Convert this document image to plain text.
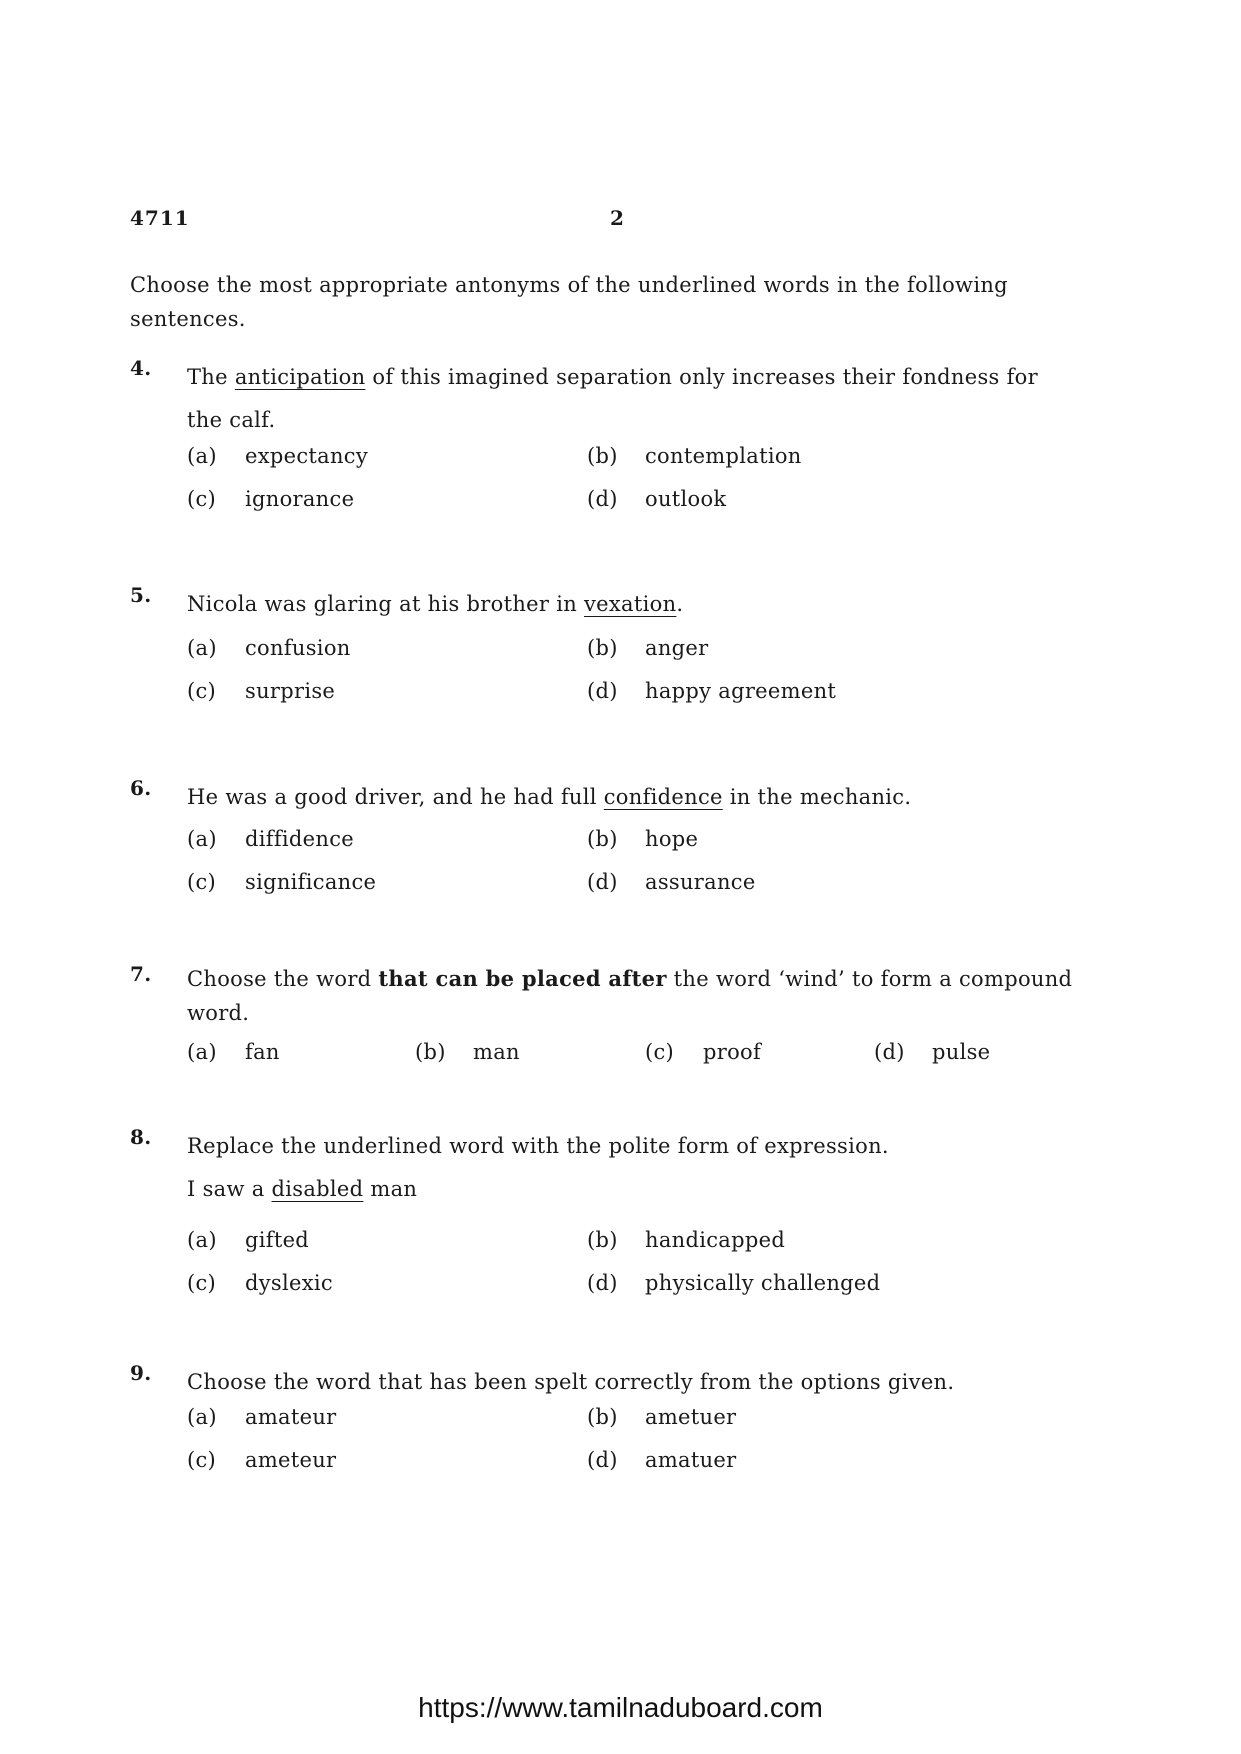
4711	2
Choose the most appropriate antonyms of the underlined words in the following sentences.
4. The anticipation of this imagined separation only increases their fondness for the calf.
(a) expectancy	(b) contemplation
(c) ignorance	(d) outlook
5. Nicola was glaring at his brother in vexation.
(a) confusion	(b) anger
(c) surprise	(d) happy agreement
6. He was a good driver, and he had full confidence in the mechanic.
(a) diffidence	(b) hope
(c) significance	(d) assurance
7. Choose the word that can be placed after the word ‘wind’ to form a compound word.
(a) fan	(b) man	(c) proof	(d) pulse
8. Replace the underlined word with the polite form of expression.
I saw a disabled man
(a) gifted	(b) handicapped
(c) dyslexic	(d) physically challenged
9. Choose the word that has been spelt correctly from the options given.
(a) amateur	(b) ametuer
(c) ameteur	(d) amatuer
https://www.tamilnaduboard.com
